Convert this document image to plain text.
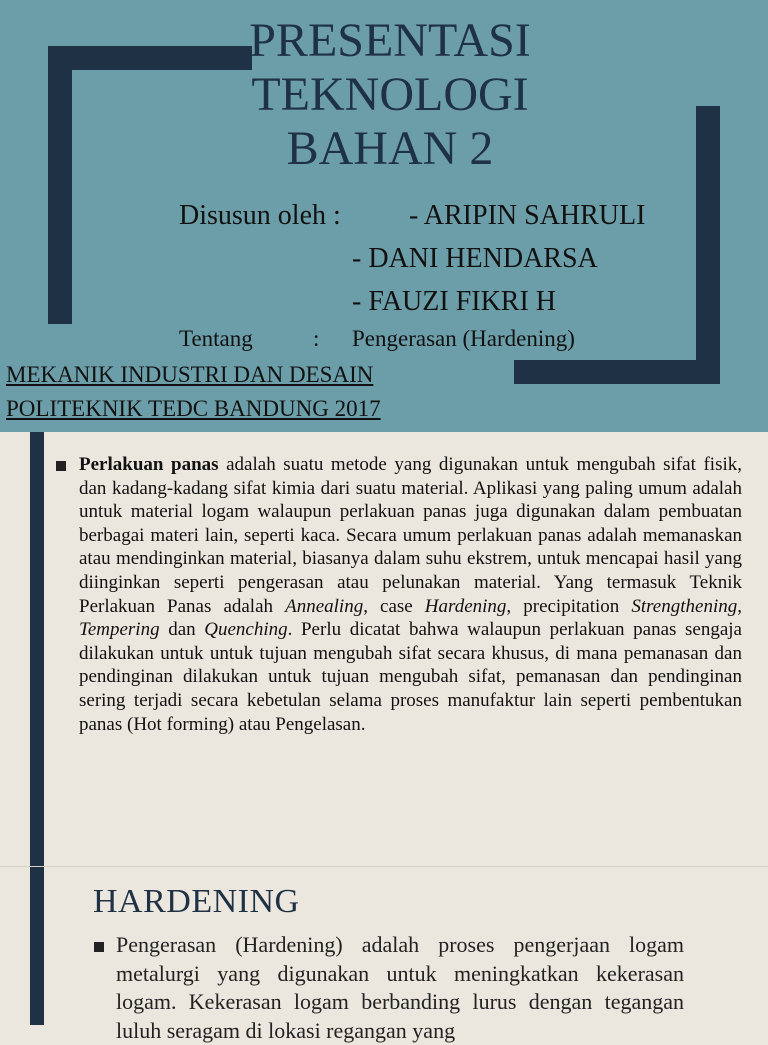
PRESENTASI
TEKNOLOGI
BAHAN 2
Disusun oleh : - ARIPIN SAHRULI
- DANI HENDARSA
- FAUZI FIKRI H
Tentang	: Pengerasan (Hardening)
MEKANIK INDUSTRI DAN DESAIN
POLITEKNIK TEDC BANDUNG 2017
Perlakuan panas adalah suatu metode yang digunakan untuk mengubah sifat fisik, dan kadang-kadang sifat kimia dari suatu material. Aplikasi yang paling umum adalah untuk material logam walaupun perlakuan panas juga digunakan dalam pembuatan berbagai materi lain, seperti kaca. Secara umum perlakuan panas adalah memanaskan atau mendinginkan material, biasanya dalam suhu ekstrem, untuk mencapai hasil yang diinginkan seperti pengerasan atau pelunakan material. Yang termasuk Teknik Perlakuan Panas adalah Annealing, case Hardening, precipitation Strengthening, Tempering dan Quenching. Perlu dicatat bahwa walaupun perlakuan panas sengaja dilakukan untuk untuk tujuan mengubah sifat secara khusus, di mana pemanasan dan pendinginan dilakukan untuk tujuan mengubah sifat, pemanasan dan pendinginan sering terjadi secara kebetulan selama proses manufaktur lain seperti pembentukan panas (Hot forming) atau Pengelasan.
HARDENING
Pengerasan (Hardening) adalah proses pengerjaan logam metalurgi yang digunakan untuk meningkatkan kekerasan logam. Kekerasan logam berbanding lurus dengan tegangan luluh seragam di lokasi regangan yang
